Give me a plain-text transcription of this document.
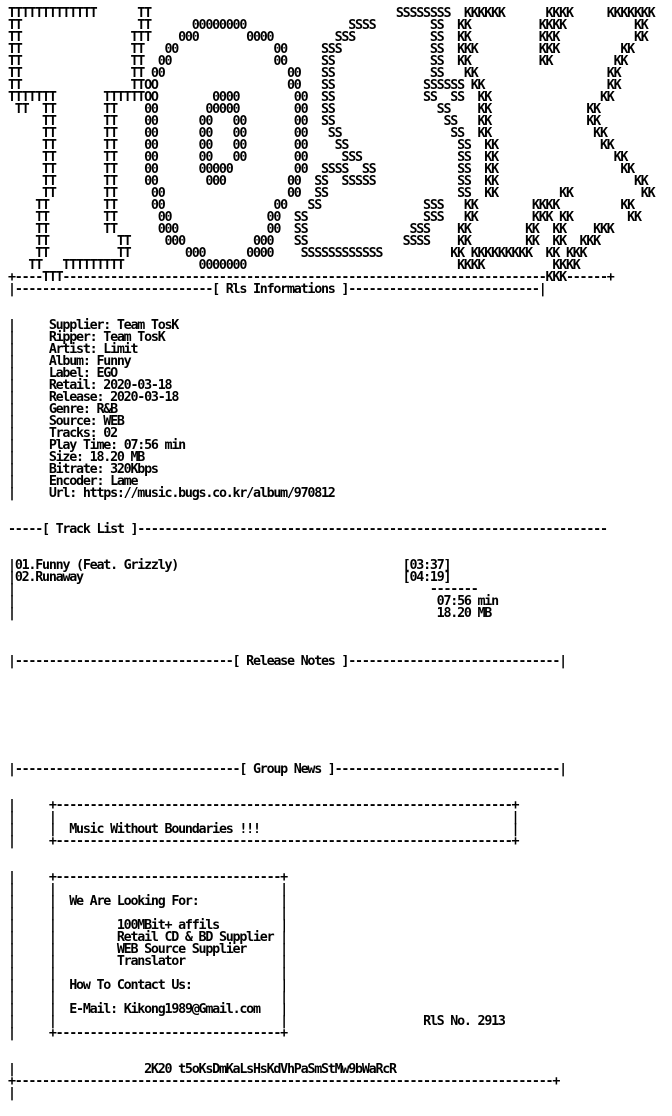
TTTTTTTTTTTTT      TT                                    SSSSSSSS  KKKKKK      KKKK     KKKKKKK
TT                 TT      00000000               SSSS        SS  KK          KKKK          KK
TT                TTT    000       0000         SSS           SS  KK          KKK           KK
TT                TT   00              00     SSS             SS  KKK         KKK         KK
TT                TT  00               00     SS              SS  KK          KK         KK
TT                TT 00                  00   SS              SS   KK                   KK
TT                TTOO                   00   SS             SSSSSS KK                  KK
TTTTTTT       TTTTTTOO        0000        00  SS             SS  SS  KK                KK
TT  TT       TT    00       00000        00  SS               SS    KK              KK
TT       TT    00      00   00       00  SS                SS   KK              KK
TT       TT    00      00   00       00   SS                SS  KK               KK
TT       TT    00      00   00       00    SS                SS  KK               KK
TT       TT    00      00   00       00     SSS              SS  KK                 KK
TT       TT    00      00000         00  SSSS  SS            SS  KK                  KK
TT       TT    00       000         00  SS  SSSSS            SS  KK                    KK
TT       TT     00                  00  SS                   SS  KK         KK          KK
TT        TT     00                00   SS               SSS   KK        KKKK         KK
TT        TT      00              00  SS                 SSS   KK        KKK KK        KK
TT        TT      000             00  SS               SSS    KK        KK  KK    KKK
TT          TT     000          000   SS              SSSS    KK        KK  KK  KKK
TT          TT        000      0000    SSSSSSSSSSSS          KK KKKKKKKKK  KK KKK
TT   TTTTTTTTT           0000000                               KKKK          KKKK
+----TTT-----------------------------------------------------------------------KKK------+
|-----------------------------[ Rls Informations ]----------------------------|
|     Supplier: Team TosK
|     Ripper: Team TosK
|     Artist: Limit
|     Album: Funny
|     Label: EGO
|     Retail: 2020-03-18
|     Release: 2020-03-18
|     Genre: R&B
|     Source: WEB
|     Tracks: 02
|     Play Time: 07:56 min
|     Size: 18.20 MB
|     Bitrate: 320Kbps
|     Encoder: Lame
|     Url: https://music.bugs.co.kr/album/970812
-----[ Track List ]---------------------------------------------------------------------
|01.Funny (Feat. Grizzly)	[03:37]
|02.Runaway	[04:19]
|                                                             -------
|                                                              07:56 min
|                                                              18.20 MB
|--------------------------------[ Release Notes ]-------------------------------|
|---------------------------------[ Group News ]---------------------------------|
|     +-------------------------------------------------------------------+
|     |                                                                   |
|     |  Music Without Boundaries !!!                                     |
|     +-------------------------------------------------------------------+
|     +---------------------------------+
|     |                                 |
|     |  We Are Looking For:            |
|     |                                 |
|     |         100MBit+ affils         |
|     |         Retail CD & BD Supplier |
|     |         WEB Source Supplier     |
|     |         Translator              |
|     |                                 |
|     |  How To Contact Us:             |
|     |                                 |
|     |  E-Mail: Kikong1989@Gmail.com   |
|     |                                 |                    RlS No. 2913
|     +---------------------------------+
|                   2K20 t5oKsDmKaLsHsKdVhPaSmStMw9bWaRcR
+-------------------------------------------------------------------------------+
|
